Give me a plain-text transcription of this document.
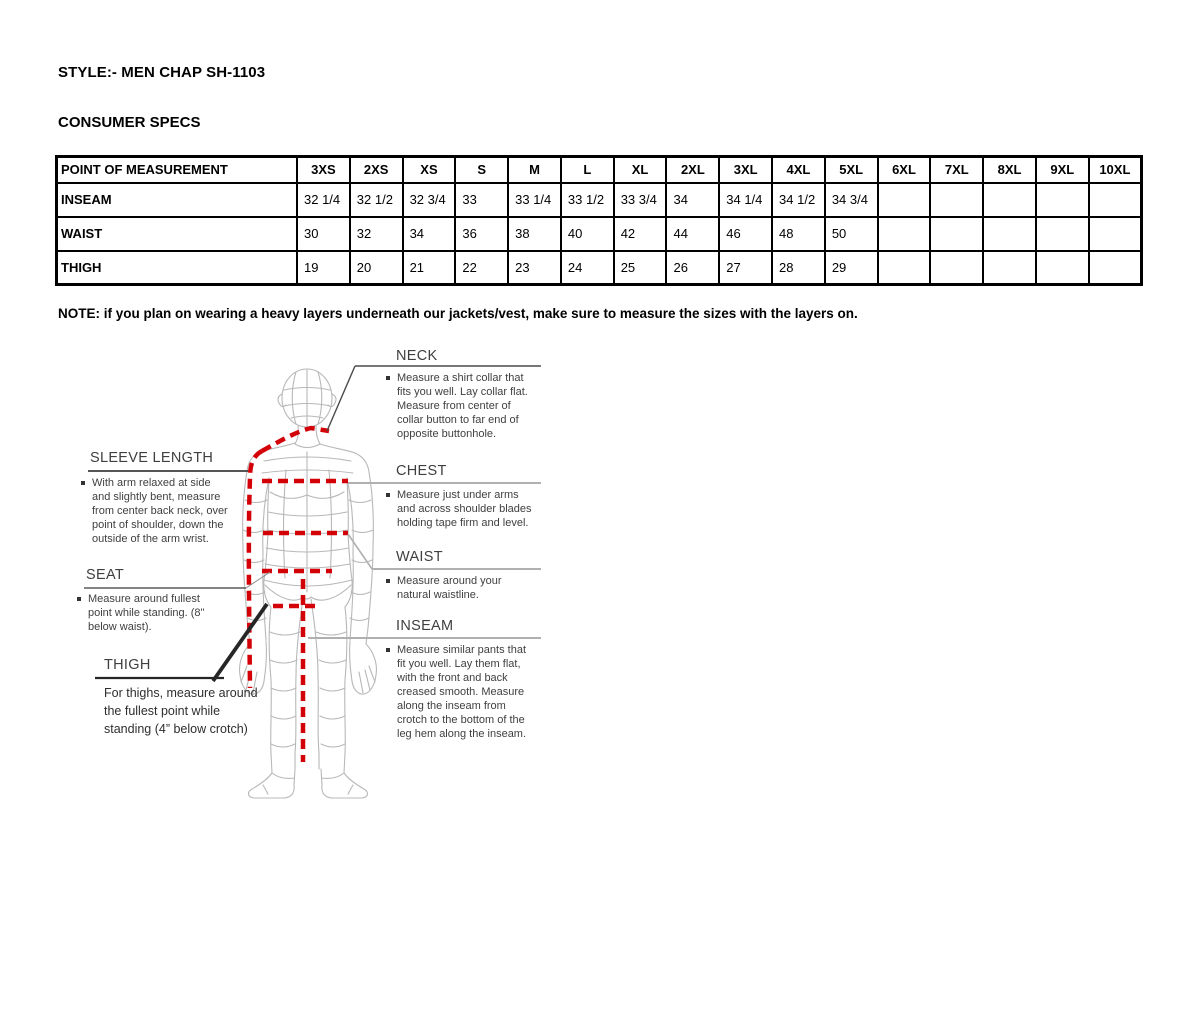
STYLE:- MEN CHAP SH-1103
CONSUMER SPECS
POINT OF MEASUREMENT	3XS	2XS	XS	S	M	L	XL	2XL	3XL	4XL	5XL	6XL	7XL	8XL	9XL	10XL
INSEAM	32 1/4	32 1/2	32 3/4	33	33 1/4	33 1/2	33 3/4	34	34 1/4	34 1/2	34 3/4					
WAIST	30	32	34	36	38	40	42	44	46	48	50					
THIGH	19	20	21	22	23	24	25	26	27	28	29					
NOTE: if you plan on wearing a heavy layers underneath our jackets/vest, make sure to measure the sizes with the layers on.
NECK
Measure a shirt collar that fits you well. Lay collar flat. Measure from center of collar button to far end of opposite buttonhole.
SLEEVE LENGTH
With arm relaxed at side and slightly bent, measure from center back neck, over point of shoulder, down the outside of the arm wrist.
CHEST
Measure just under arms and across shoulder blades holding tape firm and level.
WAIST
Measure around your natural waistline.
SEAT
Measure around fullest point while standing. (8" below waist).	INSEAM
Measure similar pants that fit you well. Lay them flat, with the front and back creased smooth. Measure along the inseam from crotch to the bottom of the leg hem along the inseam.
THIGH
For thighs, measure around the fullest point while standing (4” below crotch)
